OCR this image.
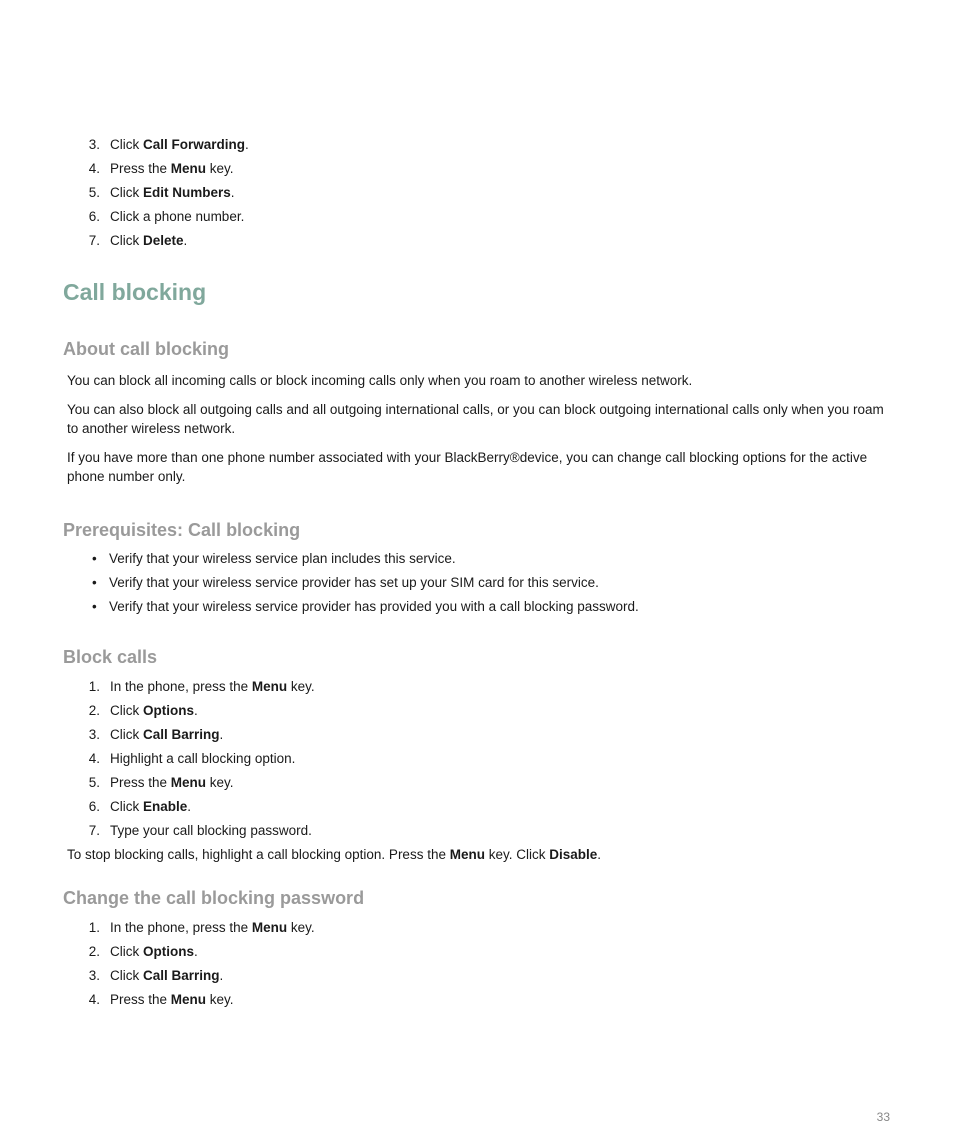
3. Click Call Forwarding.
4. Press the Menu key.
5. Click Edit Numbers.
6. Click a phone number.
7. Click Delete.
Call blocking
About call blocking

You can block all incoming calls or block incoming calls only when you roam to another wireless network.

You can also block all outgoing calls and all outgoing international calls, or you can block outgoing international calls only when you roam to another wireless network.

If you have more than one phone number associated with your BlackBerry®device, you can change call blocking options for the active phone number only.

Prerequisites: Call blocking
• Verify that your wireless service plan includes this service.
• Verify that your wireless service provider has set up your SIM card for this service.
• Verify that your wireless service provider has provided you with a call blocking password.
Block calls
1. In the phone, press the Menu key.
2. Click Options.
3. Click Call Barring.
4. Highlight a call blocking option.
5. Press the Menu key.
6. Click Enable.
7. Type your call blocking password.

To stop blocking calls, highlight a call blocking option. Press the Menu key. Click Disable.

Change the call blocking password
1. In the phone, press the Menu key.
2. Click Options.
3. Click Call Barring.
4. Press the Menu key.
33
